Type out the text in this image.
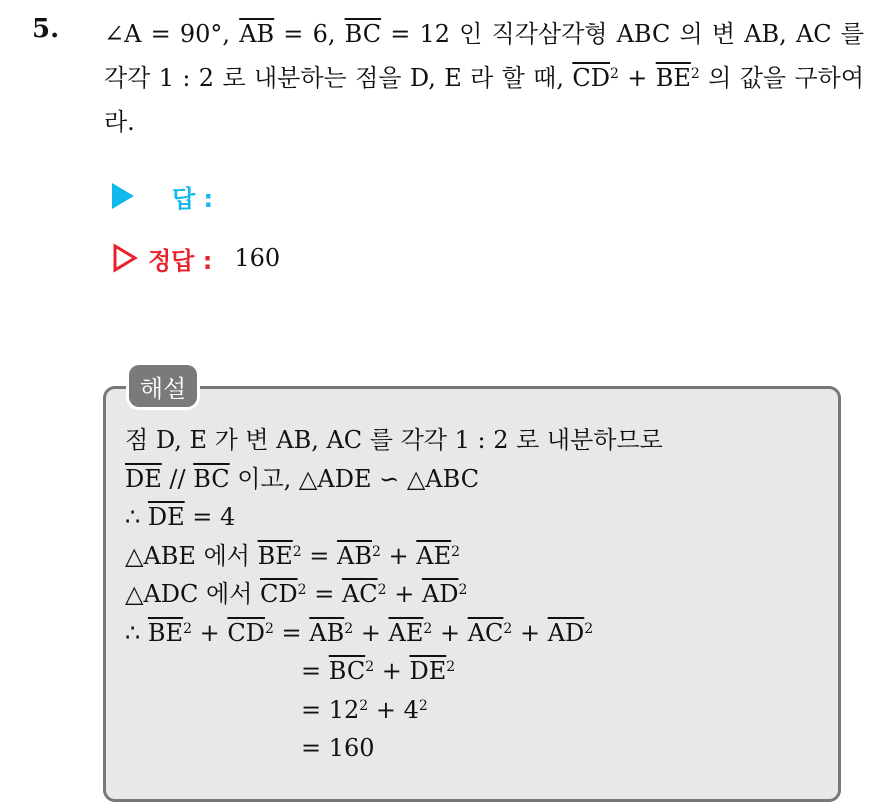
5. ∠A = 90°, $\overline{AB} = 6$, $\overline{BC} = 12$ 인 직각삼각형 ABC 의 변 AB, AC 를 각각 1 : 2 로 내분하는 점을 D, E 라 할 때, $\overline{CD}^2 + \overline{BE}^2$ 의 값을 구하여라.
답 :
정답 : 160
해설
점 D, E 가 변 AB, AC 를 각각 1 : 2 로 내분하므로
$\overline{DE} // \overline{BC}$ 이고, △ADE ∽ △ABC
∴ $\overline{DE} = 4$
△ABE 에서 $\overline{BE}^2 = \overline{AB}^2 + \overline{AE}^2$
△ADC 에서 $\overline{CD}^2 = \overline{AC}^2 + \overline{AD}^2$
∴ $\overline{BE}^2 + \overline{CD}^2 = \overline{AB}^2 + \overline{AE}^2 + \overline{AC}^2 + \overline{AD}^2$
= $\overline{BC}^2 + \overline{DE}^2$
= $12^2 + 4^2$
= 160
